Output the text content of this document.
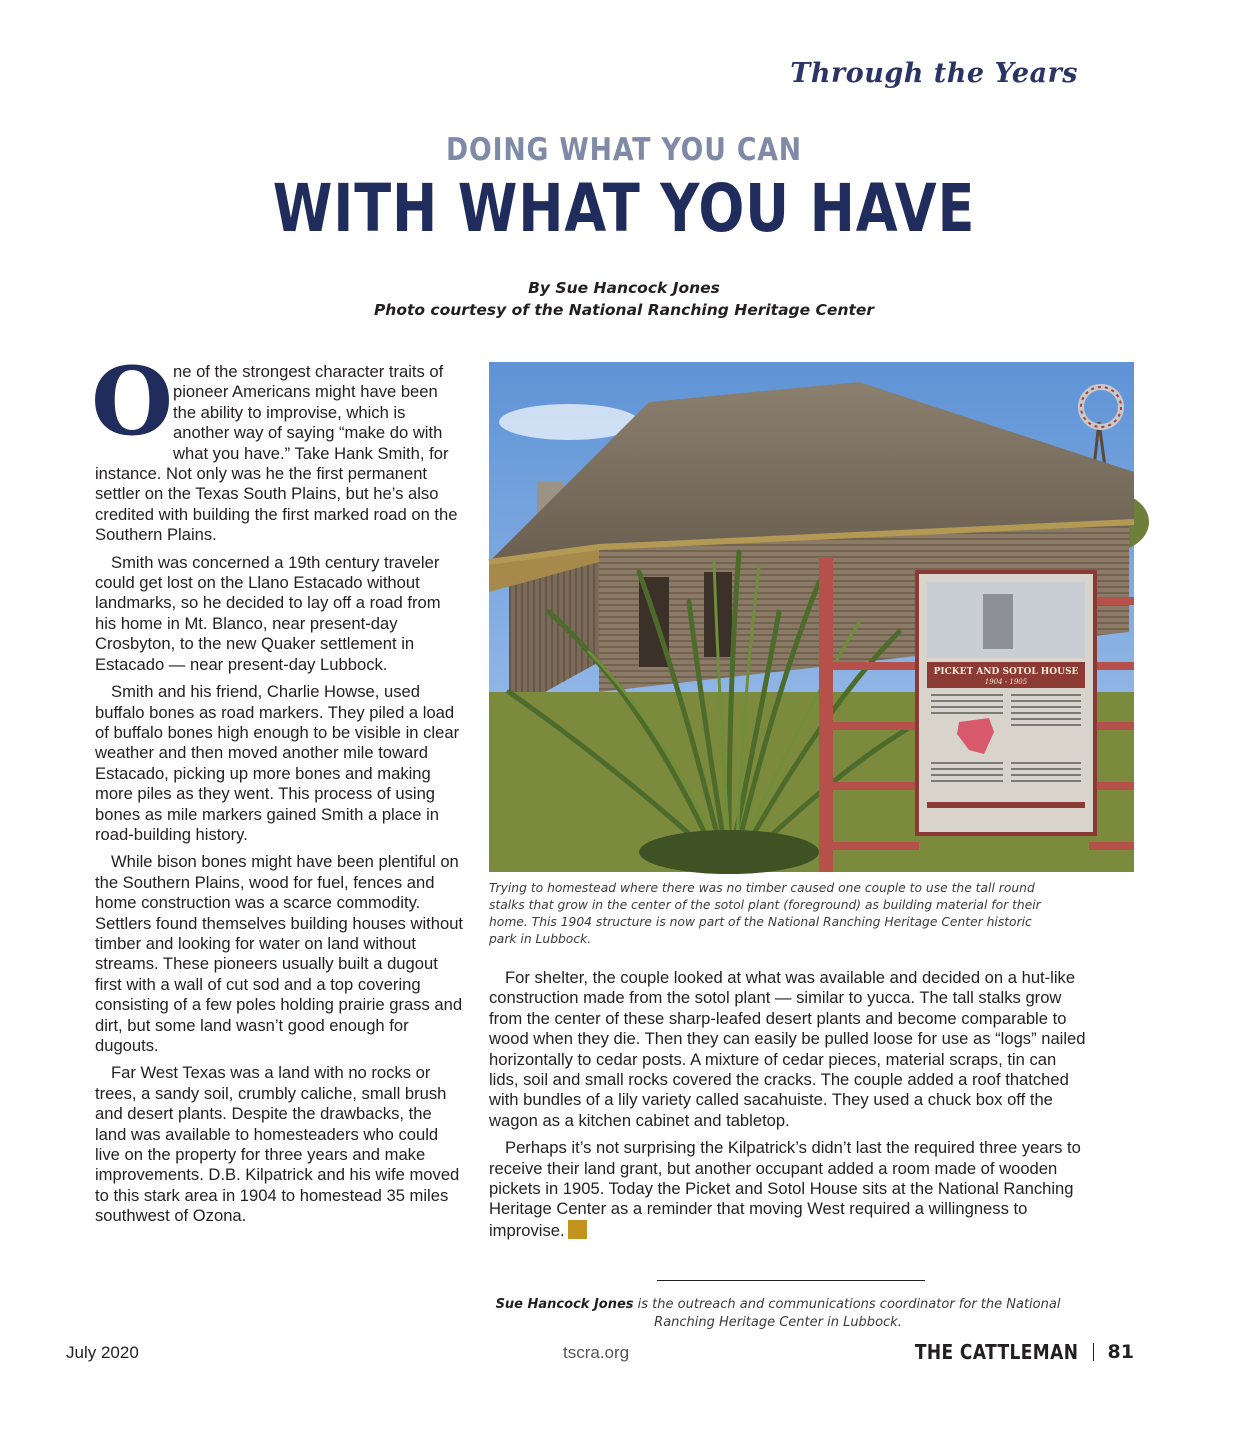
Through the Years
DOING WHAT YOU CAN
WITH WHAT YOU HAVE
By Sue Hancock Jones
Photo courtesy of the National Ranching Heritage Center

O ne of the strongest character traits of pioneer Americans might have been the ability to improvise, which is another way of saying “make do with what you have.” Take Hank Smith, for instance. Not only was he the first permanent settler on the Texas South Plains, but he’s also credited with building the first marked road on the Southern Plains.

Smith was concerned a 19th century traveler could get lost on the Llano Estacado without landmarks, so he decided to lay off a road from his home in Mt. Blanco, near present-day Crosbyton, to the new Quaker settlement in Estacado — near present-day Lubbock.

Smith and his friend, Charlie Howse, used buffalo bones as road markers. They piled a load of buffalo bones high enough to be visible in clear weather and then moved another mile toward Estacado, picking up more bones and making more piles as they went. This process of using bones as mile markers gained Smith a place in road-building history.

While bison bones might have been plentiful on the Southern Plains, wood for fuel, fences and home construction was a scarce commodity. Settlers found themselves building houses without timber and looking for water on land without streams. These pioneers usually built a dugout first with a wall of cut sod and a top covering consisting of a few poles holding prairie grass and dirt, but some land wasn’t good enough for dugouts.

Far West Texas was a land with no rocks or trees, a sandy soil, crumbly caliche, small brush and desert plants. Despite the drawbacks, the land was available to homesteaders who could live on the property for three years and make improvements. D.B. Kilpatrick and his wife moved to this stark area in 1904 to homestead 35 miles southwest of Ozona.

PICKET AND SOTOL HOUSE
1904 - 1905

Trying to homestead where there was no timber caused one couple to use the tall round stalks that grow in the center of the sotol plant (foreground) as building material for their home. This 1904 structure is now part of the National Ranching Heritage Center historic park in Lubbock.

For shelter, the couple looked at what was available and decided on a hut-like construction made from the sotol plant — similar to yucca. The tall stalks grow from the center of these sharp-leafed desert plants and become comparable to wood when they die. Then they can easily be pulled loose for use as “logs” nailed horizontally to cedar posts. A mixture of cedar pieces, material scraps, tin can lids, soil and small rocks covered the cracks. The couple added a roof thatched with bundles of a lily variety called sacahuiste. They used a chuck box off the wagon as a kitchen cabinet and tabletop.

Perhaps it’s not surprising the Kilpatrick’s didn’t last the required three years to receive their land grant, but another occupant added a room made of wooden pickets in 1905. Today the Picket and Sotol House sits at the National Ranching Heritage Center as a reminder that moving West required a willingness to improvise.

Sue Hancock Jones is the outreach and communications coordinator for the National Ranching Heritage Center in Lubbock.

July 2020	tscra.org	THE CATTLEMAN 81
